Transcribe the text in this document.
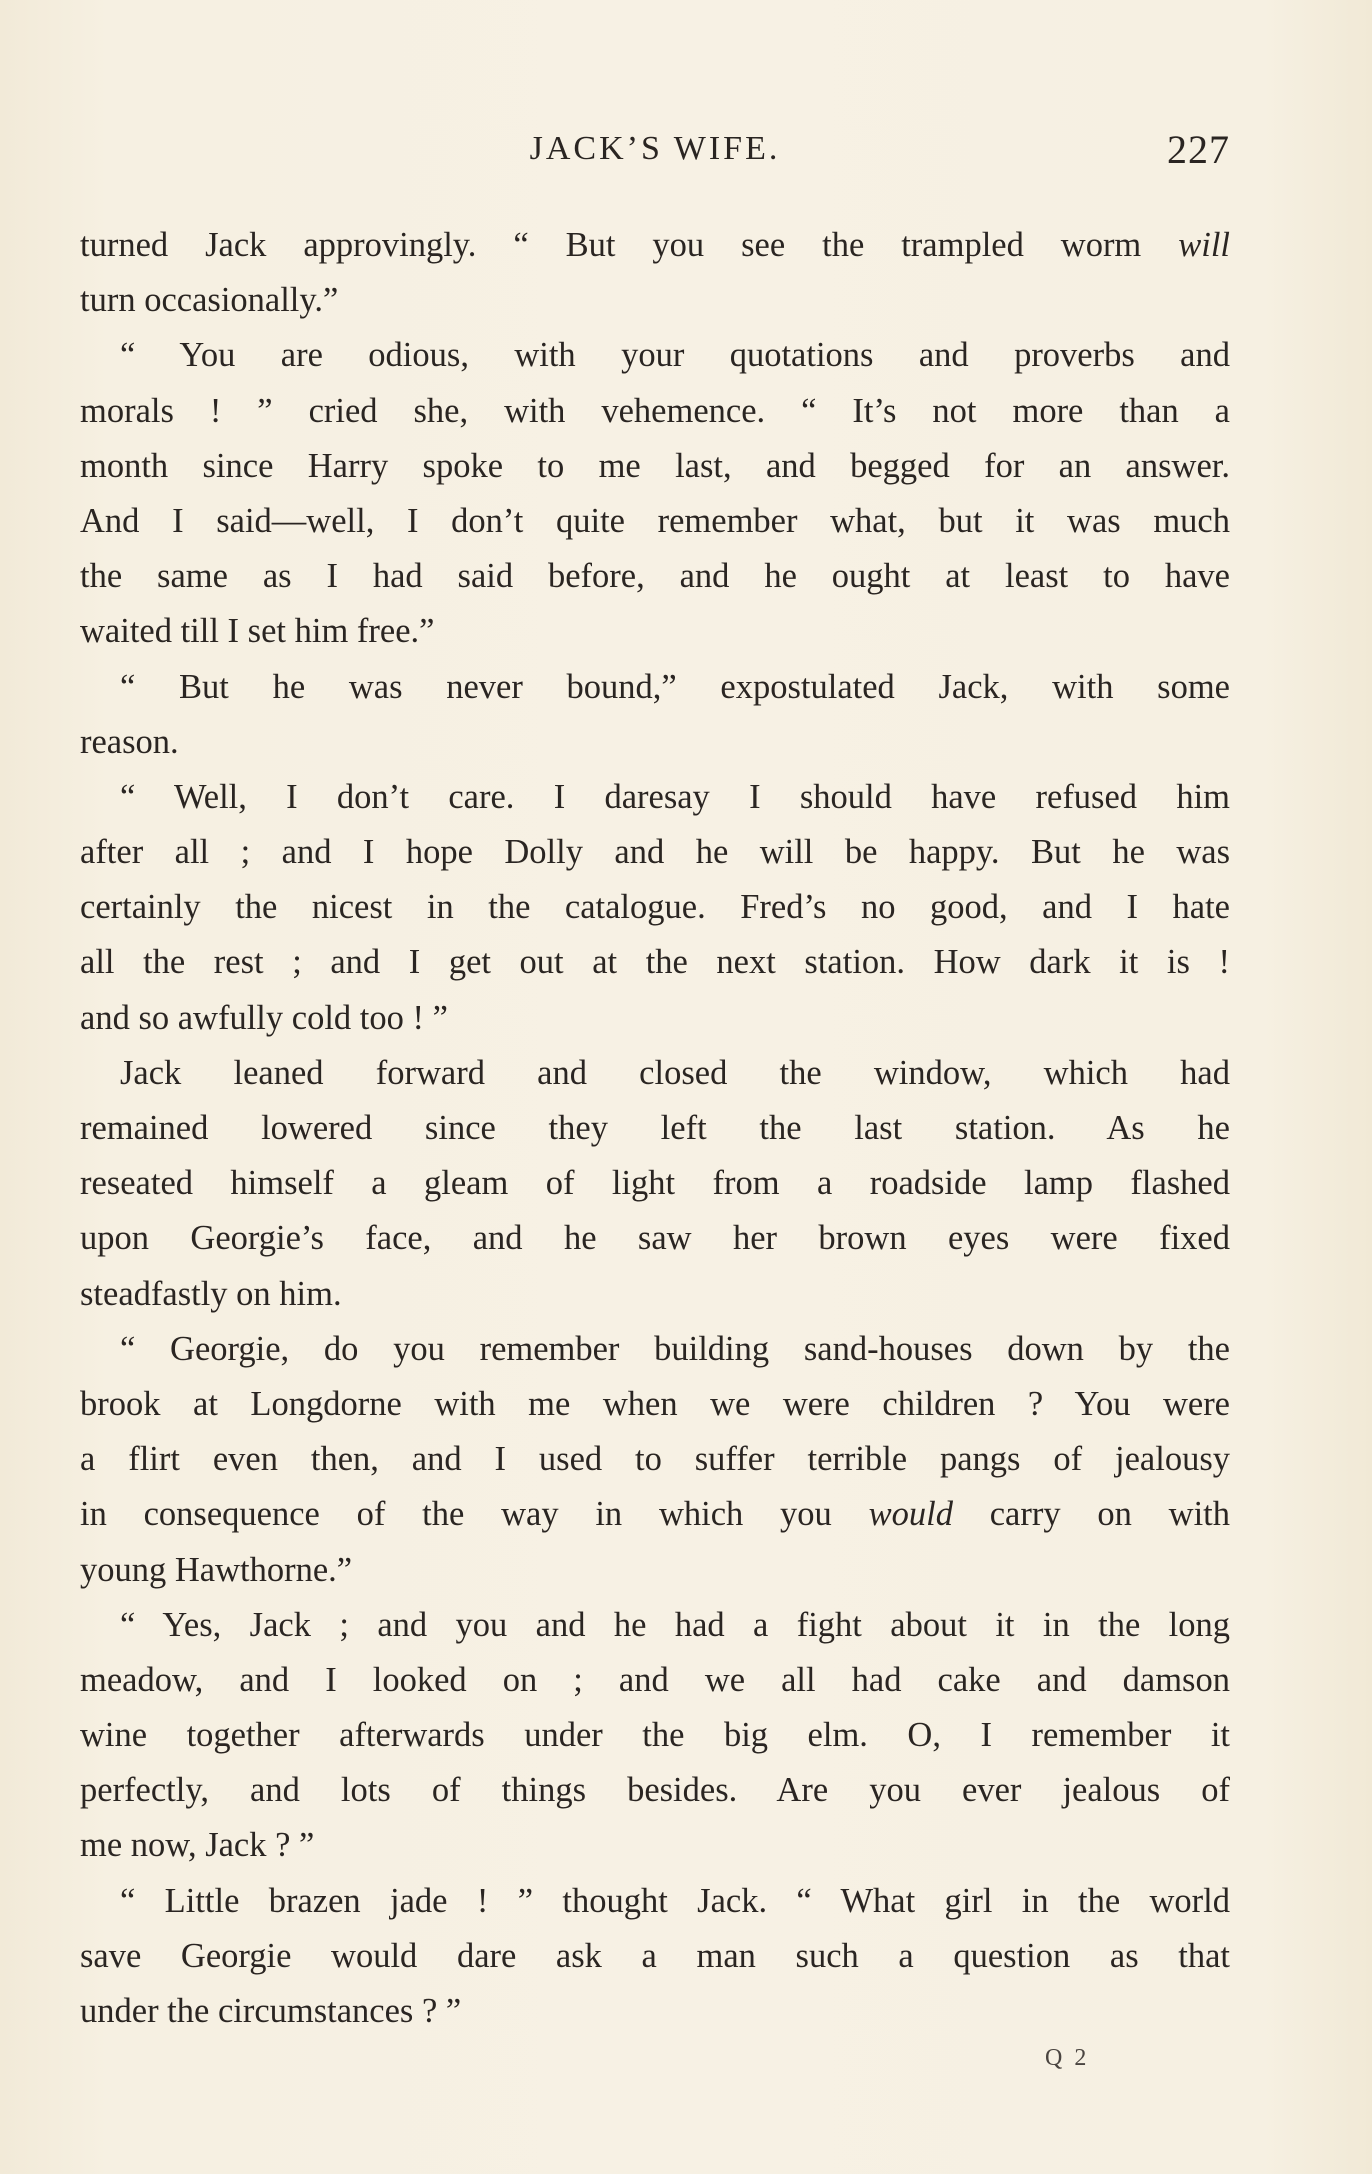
JACK’S WIFE.	227
turned Jack approvingly. “ But you see the trampled worm will
turn occasionally.”
“ You are odious, with your quotations and proverbs and
morals ! ” cried she, with vehemence. “ It’s not more than a
month since Harry spoke to me last, and begged for an answer.
And I said—well, I don’t quite remember what, but it was much
the same as I had said before, and he ought at least to have
waited till I set him free.”
“ But he was never bound,” expostulated Jack, with some
reason.
“ Well, I don’t care. I daresay I should have refused him
after all ; and I hope Dolly and he will be happy. But he was
certainly the nicest in the catalogue. Fred’s no good, and I hate
all the rest ; and I get out at the next station. How dark it is !
and so awfully cold too ! ”
Jack leaned forward and closed the window, which had
remained lowered since they left the last station. As he
reseated himself a gleam of light from a roadside lamp flashed
upon Georgie’s face, and he saw her brown eyes were fixed
steadfastly on him.
“ Georgie, do you remember building sand-houses down by the
brook at Longdorne with me when we were children ? You were
a flirt even then, and I used to suffer terrible pangs of jealousy
in consequence of the way in which you would carry on with
young Hawthorne.”
“ Yes, Jack ; and you and he had a fight about it in the long
meadow, and I looked on ; and we all had cake and damson
wine together afterwards under the big elm. O, I remember it
perfectly, and lots of things besides. Are you ever jealous of
me now, Jack ? ”
“ Little brazen jade ! ” thought Jack. “ What girl in the world
save Georgie would dare ask a man such a question as that
under the circumstances ? ”
Q 2
